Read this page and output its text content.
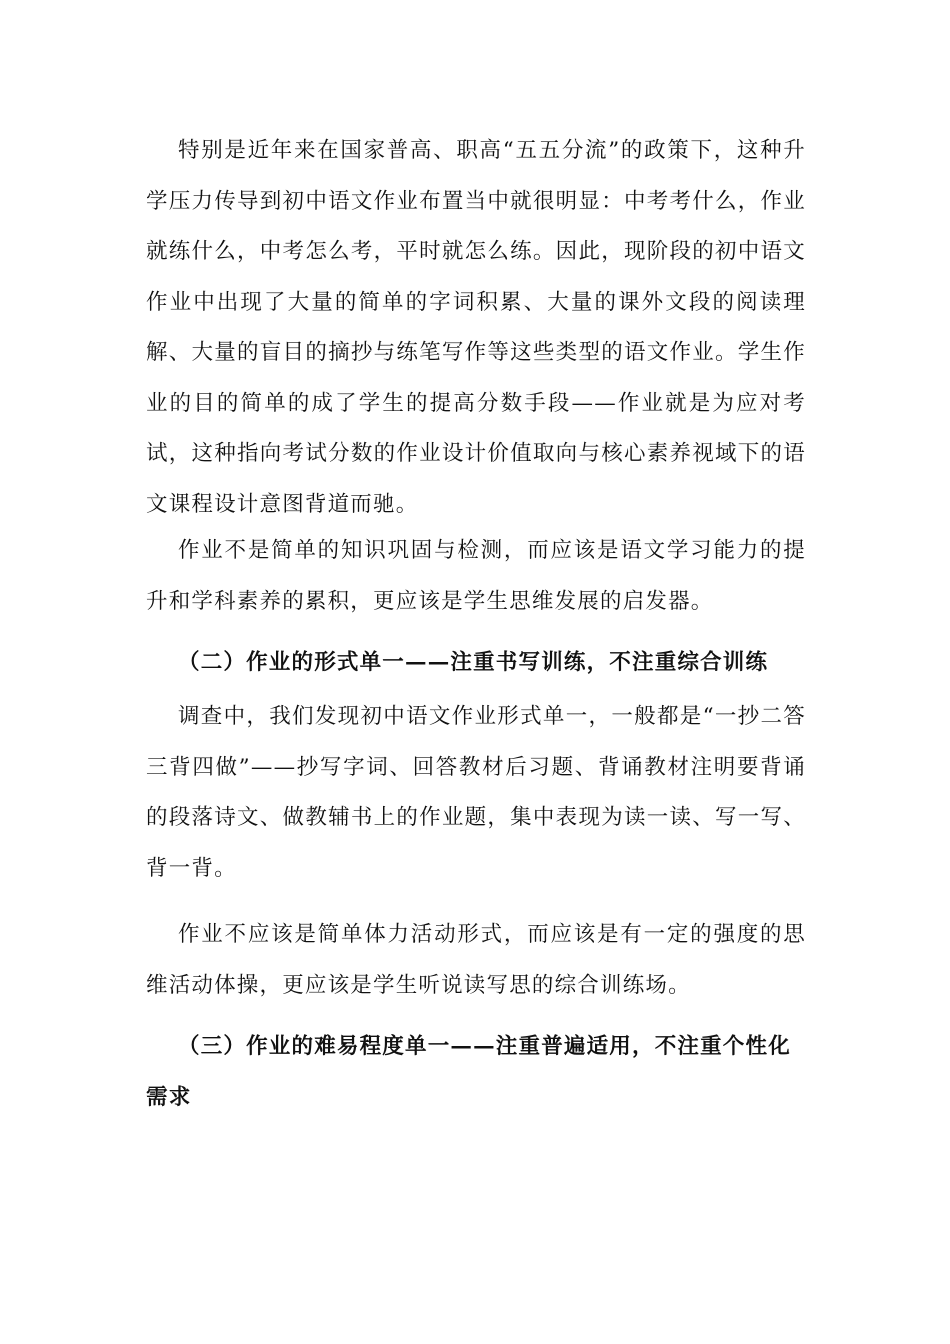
特别是近年来在国家普高、职高“五五分流”的政策下，这种升学压力传导到初中语文作业布置当中就很明显：中考考什么，作业就练什么，中考怎么考，平时就怎么练。因此，现阶段的初中语文作业中出现了大量的简单的字词积累、大量的课外文段的阅读理解、大量的盲目的摘抄与练笔写作等这些类型的语文作业。学生作业的目的简单的成了学生的提高分数手段——作业就是为应对考试，这种指向考试分数的作业设计价值取向与核心素养视域下的语文课程设计意图背道而驰。

作业不是简单的知识巩固与检测，而应该是语文学习能力的提升和学科素养的累积，更应该是学生思维发展的启发器。

（二）作业的形式单一——注重书写训练，不注重综合训练

调查中，我们发现初中语文作业形式单一，一般都是“一抄二答三背四做”——抄写字词、回答教材后习题、背诵教材注明要背诵的段落诗文、做教辅书上的作业题，集中表现为读一读、写一写、背一背。

作业不应该是简单体力活动形式，而应该是有一定的强度的思维活动体操，更应该是学生听说读写思的综合训练场。

（三）作业的难易程度单一——注重普遍适用，不注重个性化需求
